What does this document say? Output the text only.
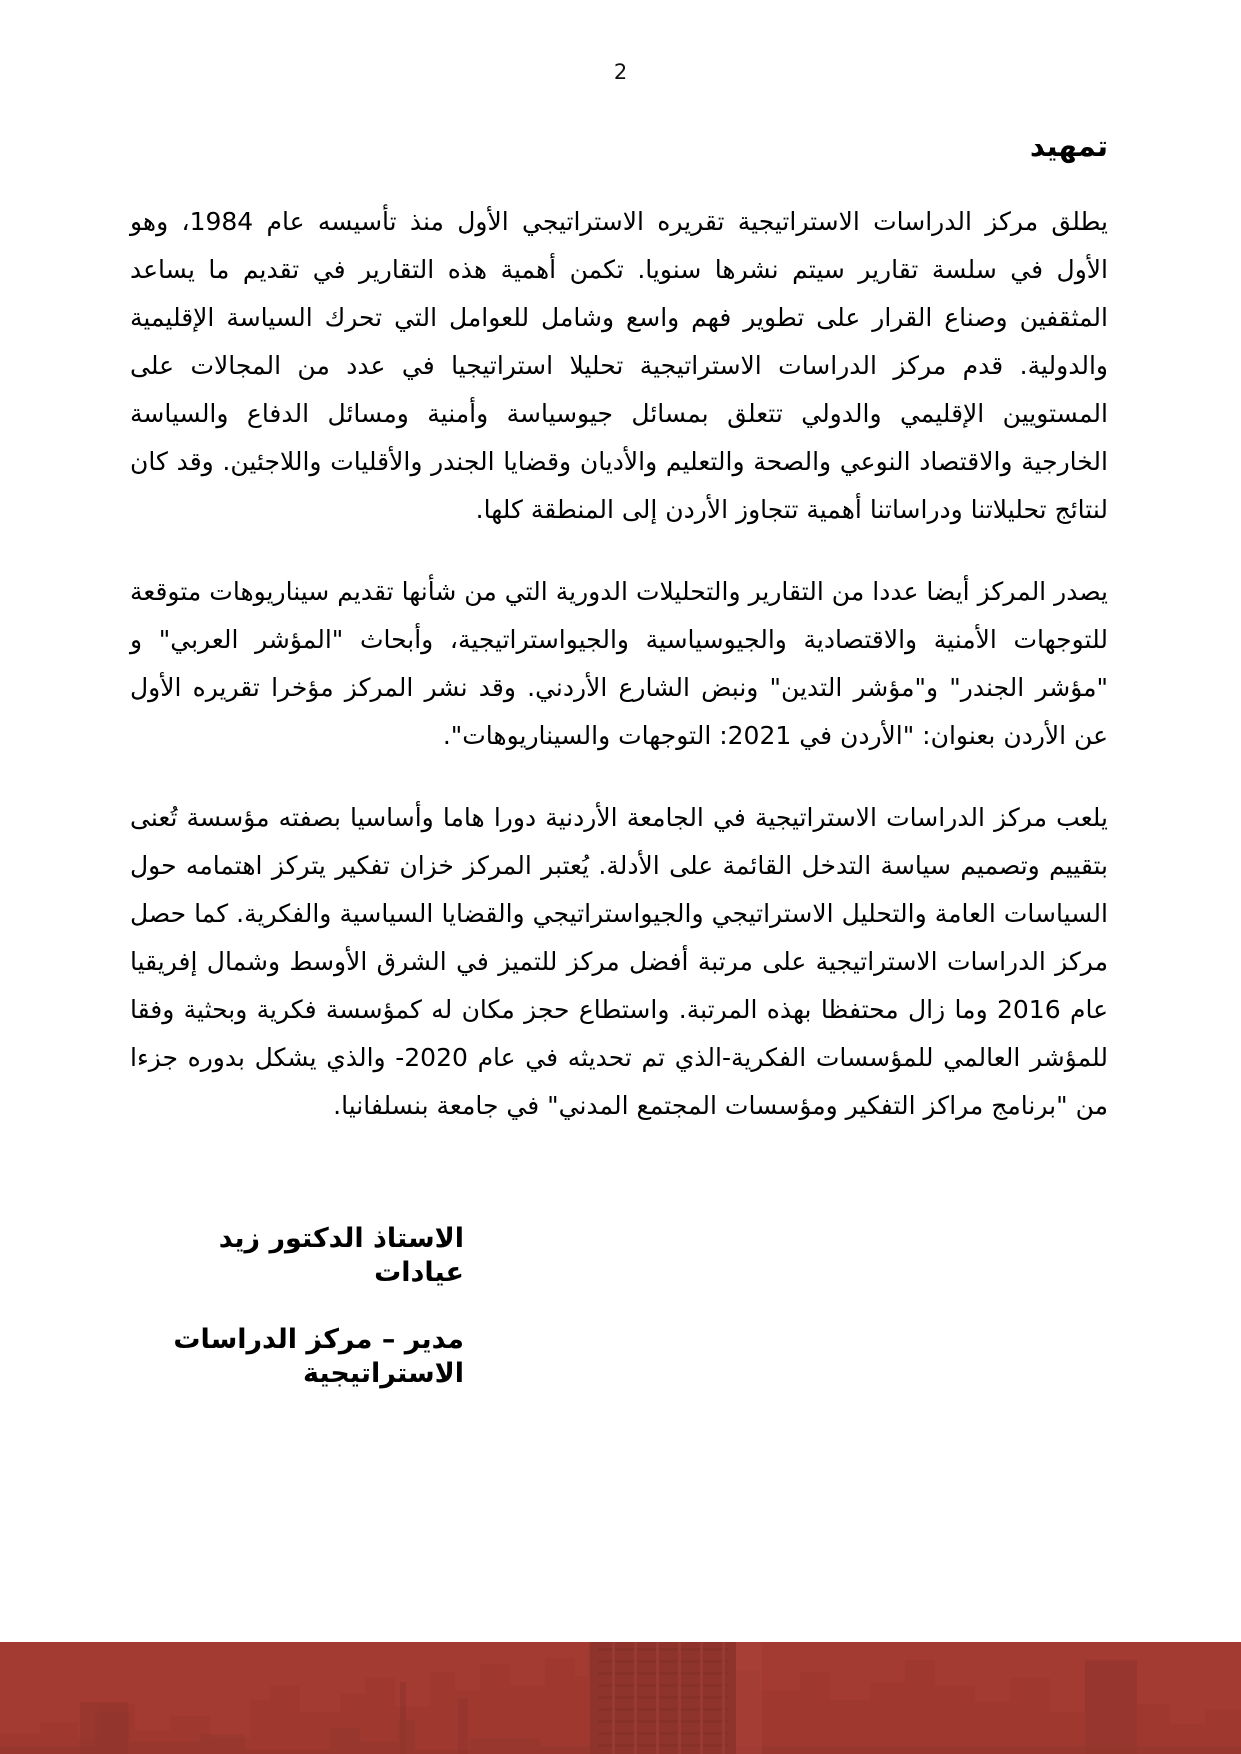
2
تمهيد

يطلق مركز الدراسات الاستراتيجية تقريره الاستراتيجي الأول منذ تأسيسه عام 1984، وهو الأول في سلسة تقارير سيتم نشرها سنويا. تكمن أهمية هذه التقارير في تقديم ما يساعد المثقفين وصناع القرار على تطوير فهم واسع وشامل للعوامل التي تحرك السياسة الإقليمية والدولية. قدم مركز الدراسات الاستراتيجية تحليلا استراتيجيا في عدد من المجالات على المستويين الإقليمي والدولي تتعلق بمسائل جيوسياسة وأمنية ومسائل الدفاع والسياسة الخارجية والاقتصاد النوعي والصحة والتعليم والأديان وقضايا الجندر والأقليات واللاجئين. وقد كان لنتائج تحليلاتنا ودراساتنا أهمية تتجاوز الأردن إلى المنطقة كلها.

يصدر المركز أيضا عددا من التقارير والتحليلات الدورية التي من شأنها تقديم سيناريوهات متوقعة للتوجهات الأمنية والاقتصادية والجيوسياسية والجيواستراتيجية، وأبحاث "المؤشر العربي" و "مؤشر الجندر" و"مؤشر التدين" ونبض الشارع الأردني. وقد نشر المركز مؤخرا تقريره الأول عن الأردن بعنوان: "الأردن في 2021: التوجهات والسيناريوهات".

يلعب مركز الدراسات الاستراتيجية في الجامعة الأردنية دورا هاما وأساسيا بصفته مؤسسة تُعنى بتقييم وتصميم سياسة التدخل القائمة على الأدلة. يُعتبر المركز خزان تفكير يتركز اهتمامه حول السياسات العامة والتحليل الاستراتيجي والجيواستراتيجي والقضايا السياسية والفكرية. كما حصل مركز الدراسات الاستراتيجية على مرتبة أفضل مركز للتميز في الشرق الأوسط وشمال إفريقيا عام 2016 وما زال محتفظا بهذه المرتبة. واستطاع حجز مكان له كمؤسسة فكرية وبحثية وفقا للمؤشر العالمي للمؤسسات الفكرية-الذي تم تحديثه في عام 2020- والذي يشكل بدوره جزءا من "برنامج مراكز التفكير ومؤسسات المجتمع المدني" في جامعة بنسلفانيا.

الاستاذ الدكتور زيد عيادات

مدير – مركز الدراسات الاستراتيجية
